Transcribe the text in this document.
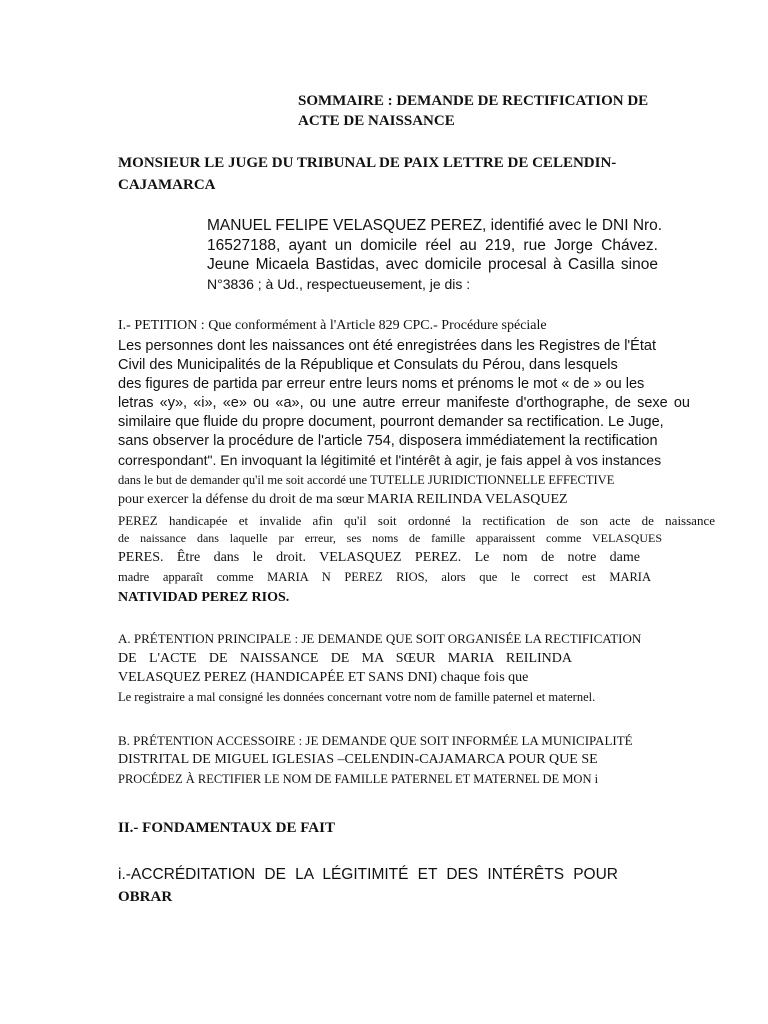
SOMMAIRE : DEMANDE DE RECTIFICATION DE

ACTE DE NAISSANCE

MONSIEUR LE JUGE DU TRIBUNAL DE PAIX LETTRE DE CELENDIN-

CAJAMARCA

MANUEL FELIPE VELASQUEZ PEREZ, identifié avec le DNI Nro.

16527188, ayant un domicile réel au 219, rue Jorge Chávez.

Jeune Micaela Bastidas, avec domicile procesal à Casilla sinoe

N°3836 ; à Ud., respectueusement, je dis :

I.- PETITION : Que conformément à l'Article 829 CPC.- Procédure spéciale

Les personnes dont les naissances ont été enregistrées dans les Registres de l'État

Civil des Municipalités de la République et Consulats du Pérou, dans lesquels

des figures de partida par erreur entre leurs noms et prénoms le mot « de » ou les

letras «y», «i», «e» ou «a», ou une autre erreur manifeste d'orthographe, de sexe ou

similaire que fluide du propre document, pourront demander sa rectification. Le Juge,

sans observer la procédure de l'article 754, disposera immédiatement la rectification

correspondant". En invoquant la légitimité et l'intérêt à agir, je fais appel à vos instances

dans le but de demander qu'il me soit accordé une TUTELLE JURIDICTIONNELLE EFFECTIVE

pour exercer la défense du droit de ma sœur MARIA REILINDA VELASQUEZ

PEREZ handicapée et invalide afin qu'il soit ordonné la rectification de son acte de naissance

de naissance dans laquelle par erreur, ses noms de famille apparaissent comme VELASQUES

PERES. Être dans le droit. VELASQUEZ PEREZ. Le nom de notre dame

madre apparaît comme MARIA N PEREZ RIOS, alors que le correct est MARIA

NATIVIDAD PEREZ RIOS.

A. PRÉTENTION PRINCIPALE : JE DEMANDE QUE SOIT ORGANISÉE LA RECTIFICATION

DE L'ACTE DE NAISSANCE DE MA SŒUR MARIA REILINDA

VELASQUEZ PEREZ (HANDICAPÉE ET SANS DNI) chaque fois que

Le registraire a mal consigné les données concernant votre nom de famille paternel et maternel.

B. PRÉTENTION ACCESSOIRE : JE DEMANDE QUE SOIT INFORMÉE LA MUNICIPALITÉ

DISTRITAL DE MIGUEL IGLESIAS –CELENDIN-CAJAMARCA POUR QUE SE

PROCÉDEZ À RECTIFIER LE NOM DE FAMILLE PATERNEL ET MATERNEL DE MON i

II.- FONDAMENTAUX DE FAIT

i.-ACCRÉDITATION DE LA LÉGITIMITÉ ET DES INTÉRÊTS POUR

OBRAR
